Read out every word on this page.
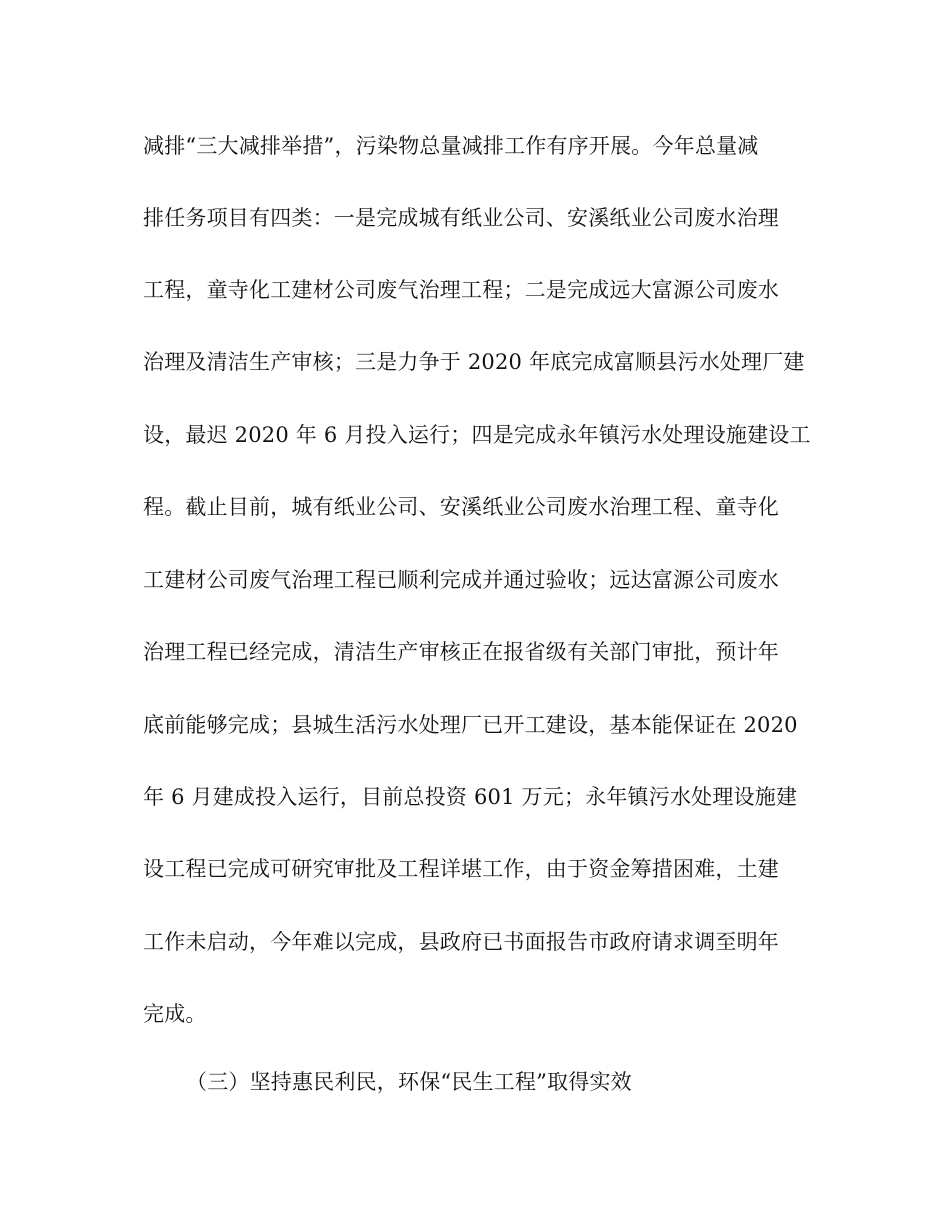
减排“三大减排举措”，污染物总量减排工作有序开展。今年总量减
排任务项目有四类：一是完成城有纸业公司、安溪纸业公司废水治理
工程，童寺化工建材公司废气治理工程；二是完成远大富源公司废水
治理及清洁生产审核；三是力争于 2020 年底完成富顺县污水处理厂建
设，最迟 2020 年 6 月投入运行；四是完成永年镇污水处理设施建设工
程。截止目前，城有纸业公司、安溪纸业公司废水治理工程、童寺化
工建材公司废气治理工程已顺利完成并通过验收；远达富源公司废水
治理工程已经完成，清洁生产审核正在报省级有关部门审批，预计年
底前能够完成；县城生活污水处理厂已开工建设，基本能保证在 2020
年 6 月建成投入运行，目前总投资 601 万元；永年镇污水处理设施建
设工程已完成可研究审批及工程详堪工作，由于资金筹措困难，土建
工作未启动，今年难以完成，县政府已书面报告市政府请求调至明年
完成。
（三）坚持惠民利民，环保“民生工程”取得实效
